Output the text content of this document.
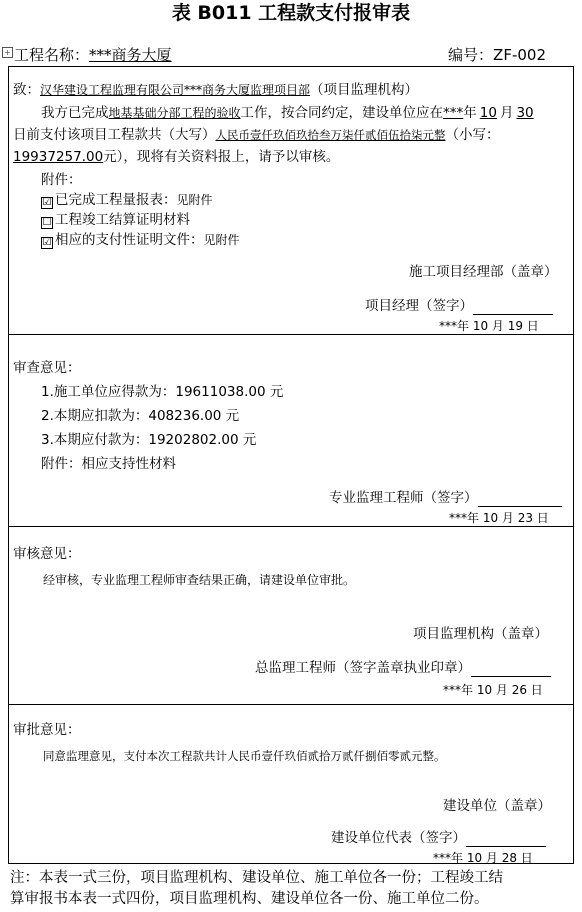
表 B011 工程款支付报审表
+ 工程名称：***商务大厦	编号：ZF-002
致：汉华建设工程监理有限公司***商务大厦监理项目部（项目监理机构）
我方已完成地基基础分部工程的验收工作，按合同约定，建设单位应在***年 10 月 30
日前支付该项目工程款共（大写）人民币壹仟玖佰玖拾叁万柒仟贰佰伍拾柒元整（小写：
19937257.00元），现将有关资料报上，请予以审核。
附件：
☑ 已完成工程量报表：见附件
☐ 工程竣工结算证明材料
☑ 相应的支付性证明文件：见附件
施工项目经理部（盖章）
项目经理（签字）
***年 10 月 19 日
审查意见：
1.施工单位应得款为：19611038.00 元
2.本期应扣款为：408236.00 元
3.本期应付款为：19202802.00 元
附件：相应支持性材料
专业监理工程师（签字）
***年 10 月 23 日
审核意见：
经审核，专业监理工程师审查结果正确，请建设单位审批。
项目监理机构（盖章）
总监理工程师（签字盖章执业印章）
***年 10 月 26 日
审批意见：
同意监理意见，支付本次工程款共计人民币壹仟玖佰贰拾万贰仟捌佰零贰元整。
建设单位（盖章）
建设单位代表（签字）
***年 10 月 28 日
注：本表一式三份，项目监理机构、建设单位、施工单位各一份；工程竣工结
算审报书本表一式四份，项目监理机构、建设单位各一份、施工单位二份。
